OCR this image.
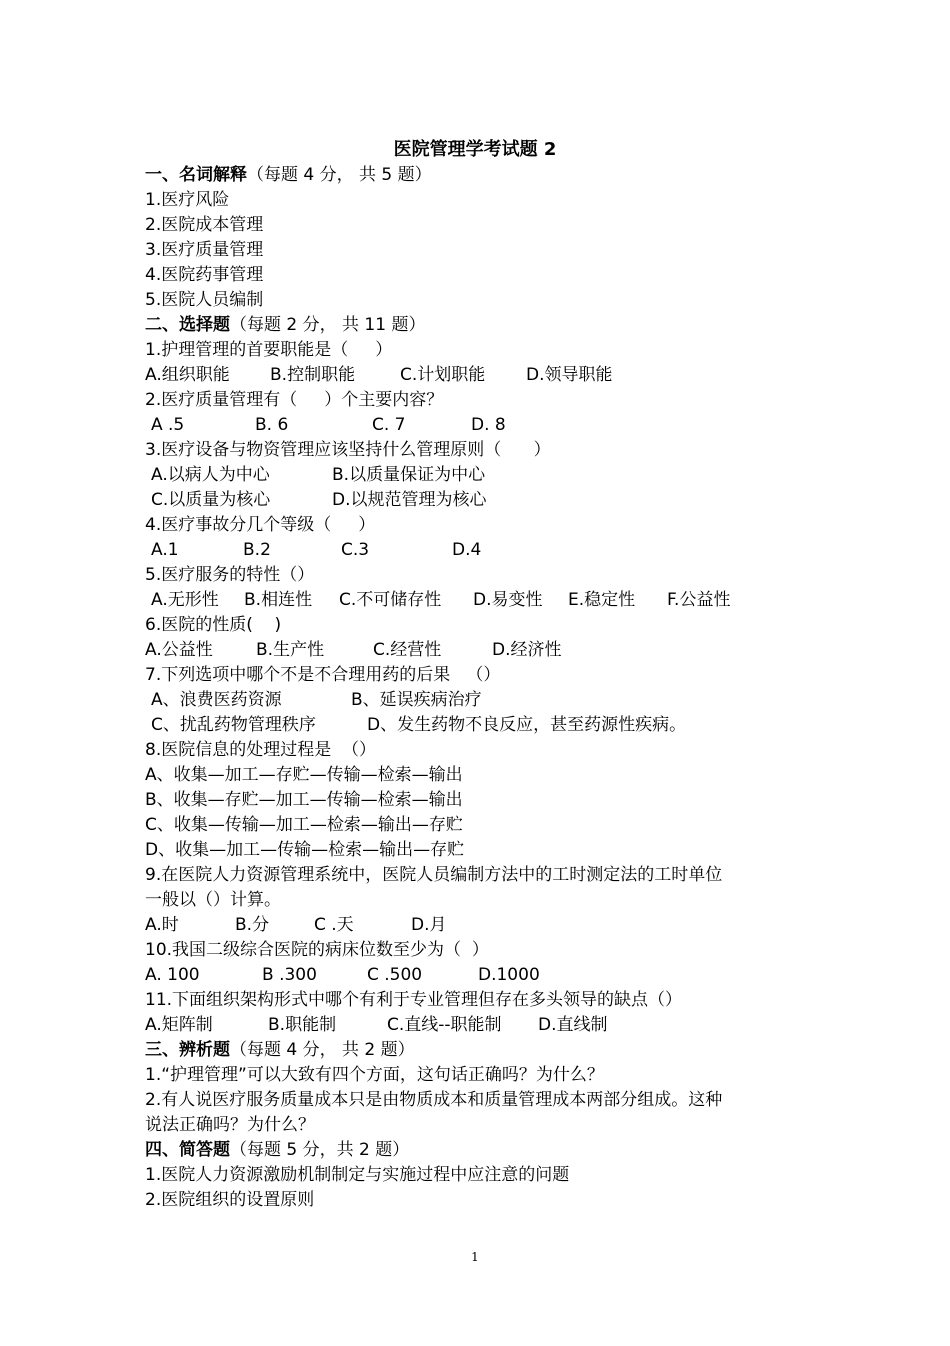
医院管理学考试题 2
一、名词解释（每题 4 分， 共 5 题）
1.医疗风险
2.医院成本管理
3.医疗质量管理
4.医院药事管理
5.医院人员编制
二、选择题（每题 2 分， 共 11 题）
1.护理管理的首要职能是（     ）
A.组织职能	B.控制职能	C.计划职能	D.领导职能
2.医疗质量管理有（     ）个主要内容？
A .5	B. 6	C. 7	D. 8
3.医疗设备与物资管理应该坚持什么管理原则（      ）
A.以病人为中心	B.以质量保证为中心
C.以质量为核心	D.以规范管理为核心
4.医疗事故分几个等级（     ）
A.1	B.2	C.3	D.4
5.医疗服务的特性（）
A.无形性	B.相连性	C.不可储存性	D.易变性	E.稳定性	F.公益性
6.医院的性质(    )
A.公益性	B.生产性	C.经营性	D.经济性
7.下列选项中哪个不是不合理用药的后果   （）
A、浪费医药资源	B、延误疾病治疗
C、扰乱药物管理秩序	D、发生药物不良反应，甚至药源性疾病。
8.医院信息的处理过程是  （）
A、收集—加工—存贮—传输—检索—输出
B、收集—存贮—加工—传输—检索—输出
C、收集—传输—加工—检索—输出—存贮
D、收集—加工—传输—检索—输出—存贮
9.在医院人力资源管理系统中，医院人员编制方法中的工时测定法的工时单位
一般以（）计算。
A.时	B.分	C .天	D.月
10.我国二级综合医院的病床位数至少为（  ）
A. 100	B .300	C .500	D.1000
11.下面组织架构形式中哪个有利于专业管理但存在多头领导的缺点（）
A.矩阵制	B.职能制	C.直线--职能制	D.直线制
三、辨析题（每题 4 分， 共 2 题）
1.“护理管理”可以大致有四个方面，这句话正确吗？为什么？
2.有人说医疗服务质量成本只是由物质成本和质量管理成本两部分组成。这种
说法正确吗？为什么？
四、简答题（每题 5 分，共 2 题）
1.医院人力资源激励机制制定与实施过程中应注意的问题
2.医院组织的设置原则
1
